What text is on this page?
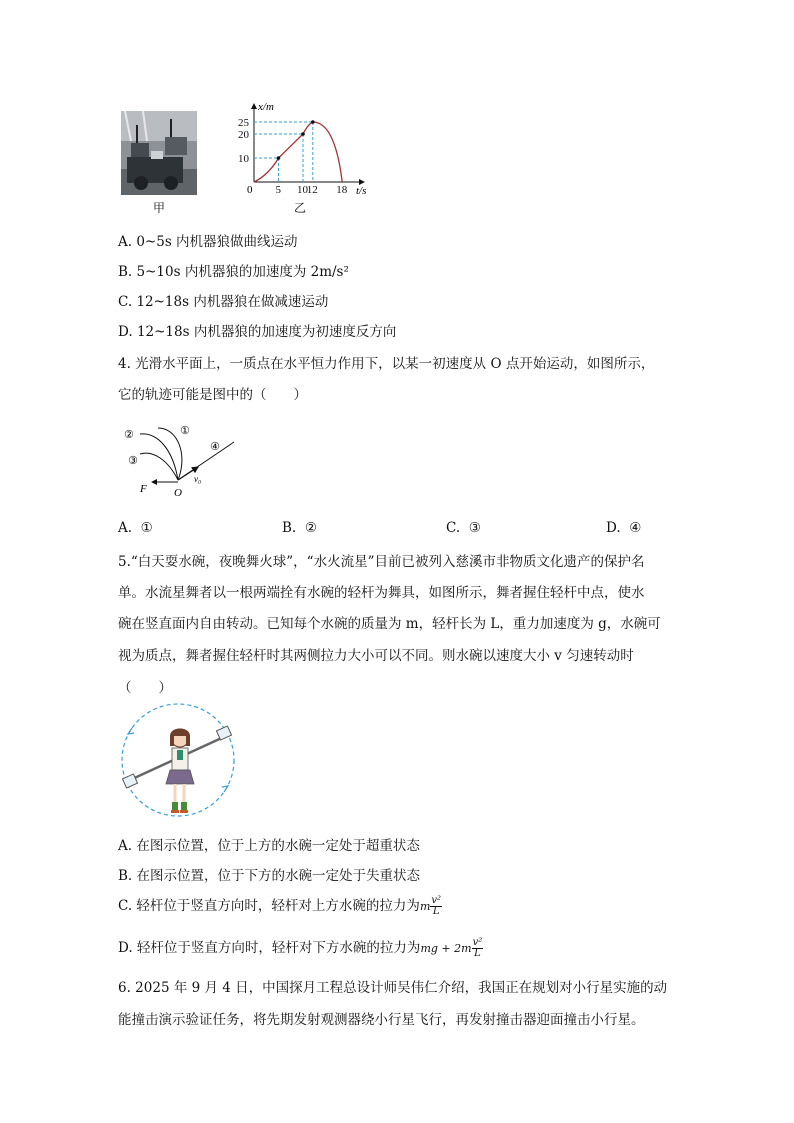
甲
5 10
12 18
10
20
25
x/m
t/s
0
乙
A. 0~5s 内机器狼做曲线运动
B. 5~10s 内机器狼的加速度为 2m/s²
C. 12~18s 内机器狼在做减速运动
D. 12~18s 内机器狼的加速度为初速度反方向
4. 光滑水平面上，一质点在水平恒力作用下，以某一初速度从 O 点开始运动，如图所示，
它的轨迹可能是图中的（　　）
①
②
③
④
F O
v₀
A. ①	B. ②	C. ③	D. ④
5.“白天耍水碗，夜晚舞火球”，“水火流星”目前已被列入慈溪市非物质文化遗产的保护名
单。水流星舞者以一根两端拴有水碗的轻杆为舞具，如图所示，舞者握住轻杆中点，使水
碗在竖直面内自由转动。已知每个水碗的质量为 m，轻杆长为 L，重力加速度为 g，水碗可
视为质点，舞者握住轻杆时其两侧拉力大小可以不同。则水碗以速度大小 v 匀速转动时
（　　）
A. 在图示位置，位于上方的水碗一定处于超重状态
B. 在图示位置，位于下方的水碗一定处于失重状态
C. 轻杆位于竖直方向时，轻杆对上方水碗的拉力为m $\frac{\text{v²}}{L}$
D. 轻杆位于竖直方向时，轻杆对下方水碗的拉力为mg + $2m \frac{\text{v²}}{L}$
6. 2025 年 9 月 4 日，中国探月工程总设计师吴伟仁介绍，我国正在规划对小行星实施的动
能撞击演示验证任务，将先期发射观测器绕小行星飞行，再发射撞击器迎面撞击小行星。
